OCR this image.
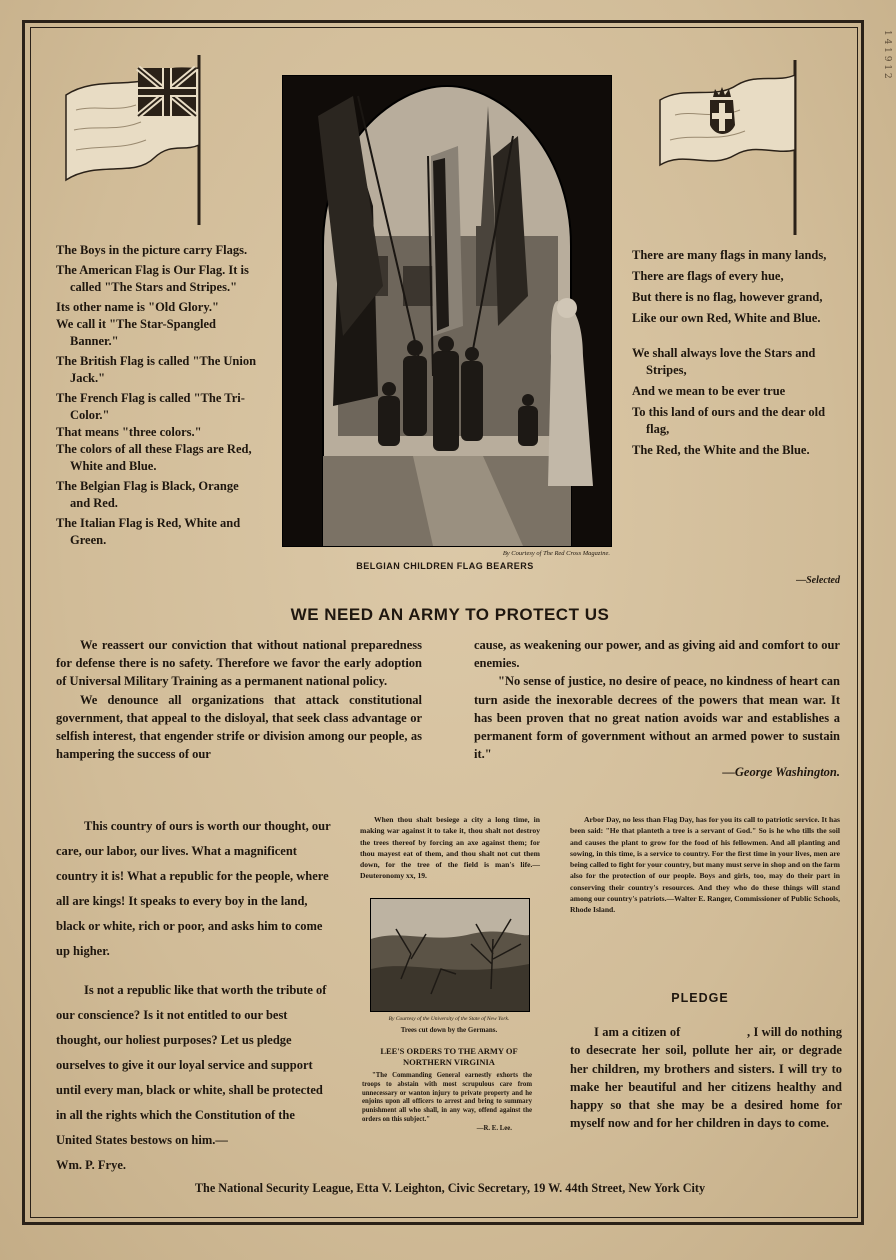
1 4 1 9 1 2

The Boys in the picture carry Flags.

The American Flag is Our Flag. It is called "The Stars and Stripes."

Its other name is "Old Glory."

We call it "The Star-Spangled Banner."

The British Flag is called "The Union Jack."

The French Flag is called "The Tri-Color."

That means "three colors."

The colors of all these Flags are Red, White and Blue.

The Belgian Flag is Black, Orange and Red.

The Italian Flag is Red, White and Green.

By Courtesy of The Red Cross Magazine.
BELGIAN CHILDREN FLAG BEARERS

There are many flags in many lands,

There are flags of every hue,

But there is no flag, however grand,

Like our own Red, White and Blue.

We shall always love the Stars and Stripes,

And we mean to be ever true

To this land of ours and the dear old flag,

The Red, the White and the Blue.

—Selected
WE NEED AN ARMY TO PROTECT US

We reassert our conviction that without national preparedness for defense there is no safety. Therefore we favor the early adoption of Universal Military Training as a permanent national policy.

We denounce all organizations that attack constitutional government, that appeal to the disloyal, that seek class advantage or selfish interest, that engender strife or division among our people, as hampering the success of our

cause, as weakening our power, and as giving aid and comfort to our enemies.

"No sense of justice, no desire of peace, no kindness of heart can turn aside the inexorable decrees of the powers that mean war. It has been proven that no great nation avoids war and establishes a permanent form of government without an armed power to sustain it."

—George Washington.

This country of ours is worth our thought, our care, our labor, our lives. What a magnificent country it is! What a republic for the people, where all are kings! It speaks to every boy in the land, black or white, rich or poor, and asks him to come up higher.

Is not a republic like that worth the tribute of our conscience? Is it not entitled to our best thought, our holiest purposes? Let us pledge ourselves to give it our loyal service and support until every man, black or white, shall be protected in all the rights which the Constitution of the United States bestows on him.—

Wm. P. Frye.

When thou shalt besiege a city a long time, in making war against it to take it, thou shalt not destroy the trees thereof by forcing an axe against them; for thou mayest eat of them, and thou shalt not cut them down, for the tree of the field is man's life.—Deuteronomy xx, 19.

By Courtesy of the University of the State of New York.
Trees cut down by the Germans.
LEE'S ORDERS TO THE ARMY OF NORTHERN VIRGINIA

"The Commanding General earnestly exhorts the troops to abstain with most scrupulous care from unnecessary or wanton injury to private property and he enjoins upon all officers to arrest and bring to summary punishment all who shall, in any way, offend against the orders on this subject."

—R. E. Lee.

Arbor Day, no less than Flag Day, has for you its call to patriotic service. It has been said: "He that planteth a tree is a servant of God." So is he who tills the soil and causes the plant to grow for the food of his fellowmen. And all planting and sowing, in this time, is a service to country. For the first time in your lives, men are being called to fight for your country, but many must serve in shop and on the farm also for the protection of our people. Boys and girls, too, may do their part in conserving their country's resources. And they who do these things will stand among our country's patriots.—Walter E. Ranger, Commissioner of Public Schools, Rhode Island.

PLEDGE

I am a citizen of                    , I will do nothing to desecrate her soil, pollute her air, or degrade her children, my brothers and sisters. I will try to make her beautiful and her citizens healthy and happy so that she may be a desired home for myself now and for her children in days to come.

The National Security League, Etta V. Leighton, Civic Secretary, 19 W. 44th Street, New York City
